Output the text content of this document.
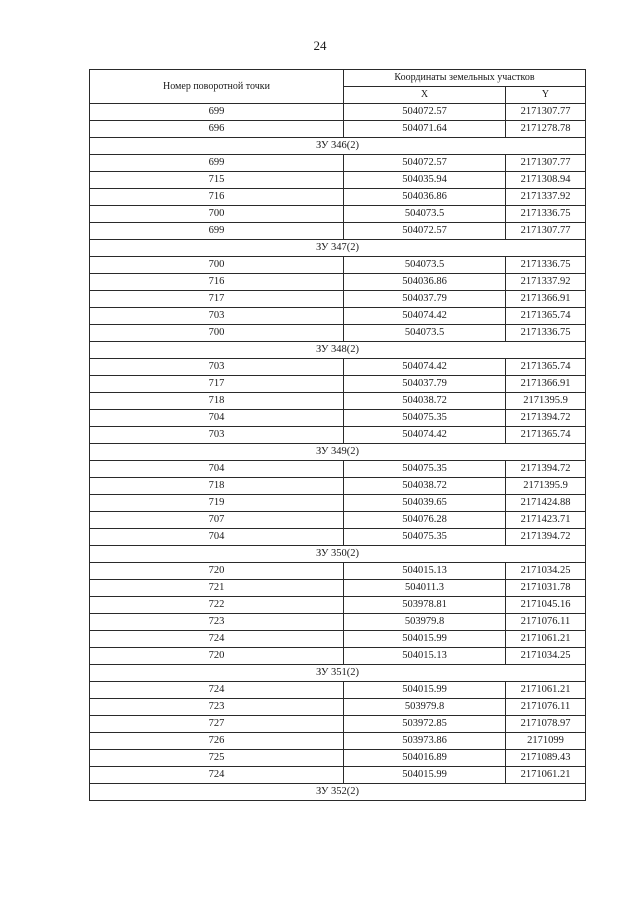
24
Номер поворотной точки	Координаты земельных участков	
	X	Y
699	504072.57	2171307.77
696	504071.64	2171278.78
ЗУ 346(2)		
699	504072.57	2171307.77
715	504035.94	2171308.94
716	504036.86	2171337.92
700	504073.5	2171336.75
699	504072.57	2171307.77
ЗУ 347(2)		
700	504073.5	2171336.75
716	504036.86	2171337.92
717	504037.79	2171366.91
703	504074.42	2171365.74
700	504073.5	2171336.75
ЗУ 348(2)		
703	504074.42	2171365.74
717	504037.79	2171366.91
718	504038.72	2171395.9
704	504075.35	2171394.72
703	504074.42	2171365.74
ЗУ 349(2)		
704	504075.35	2171394.72
718	504038.72	2171395.9
719	504039.65	2171424.88
707	504076.28	2171423.71
704	504075.35	2171394.72
ЗУ 350(2)		
720	504015.13	2171034.25
721	504011.3	2171031.78
722	503978.81	2171045.16
723	503979.8	2171076.11
724	504015.99	2171061.21
720	504015.13	2171034.25
ЗУ 351(2)		
724	504015.99	2171061.21
723	503979.8	2171076.11
727	503972.85	2171078.97
726	503973.86	2171099
725	504016.89	2171089.43
724	504015.99	2171061.21
ЗУ 352(2)		
